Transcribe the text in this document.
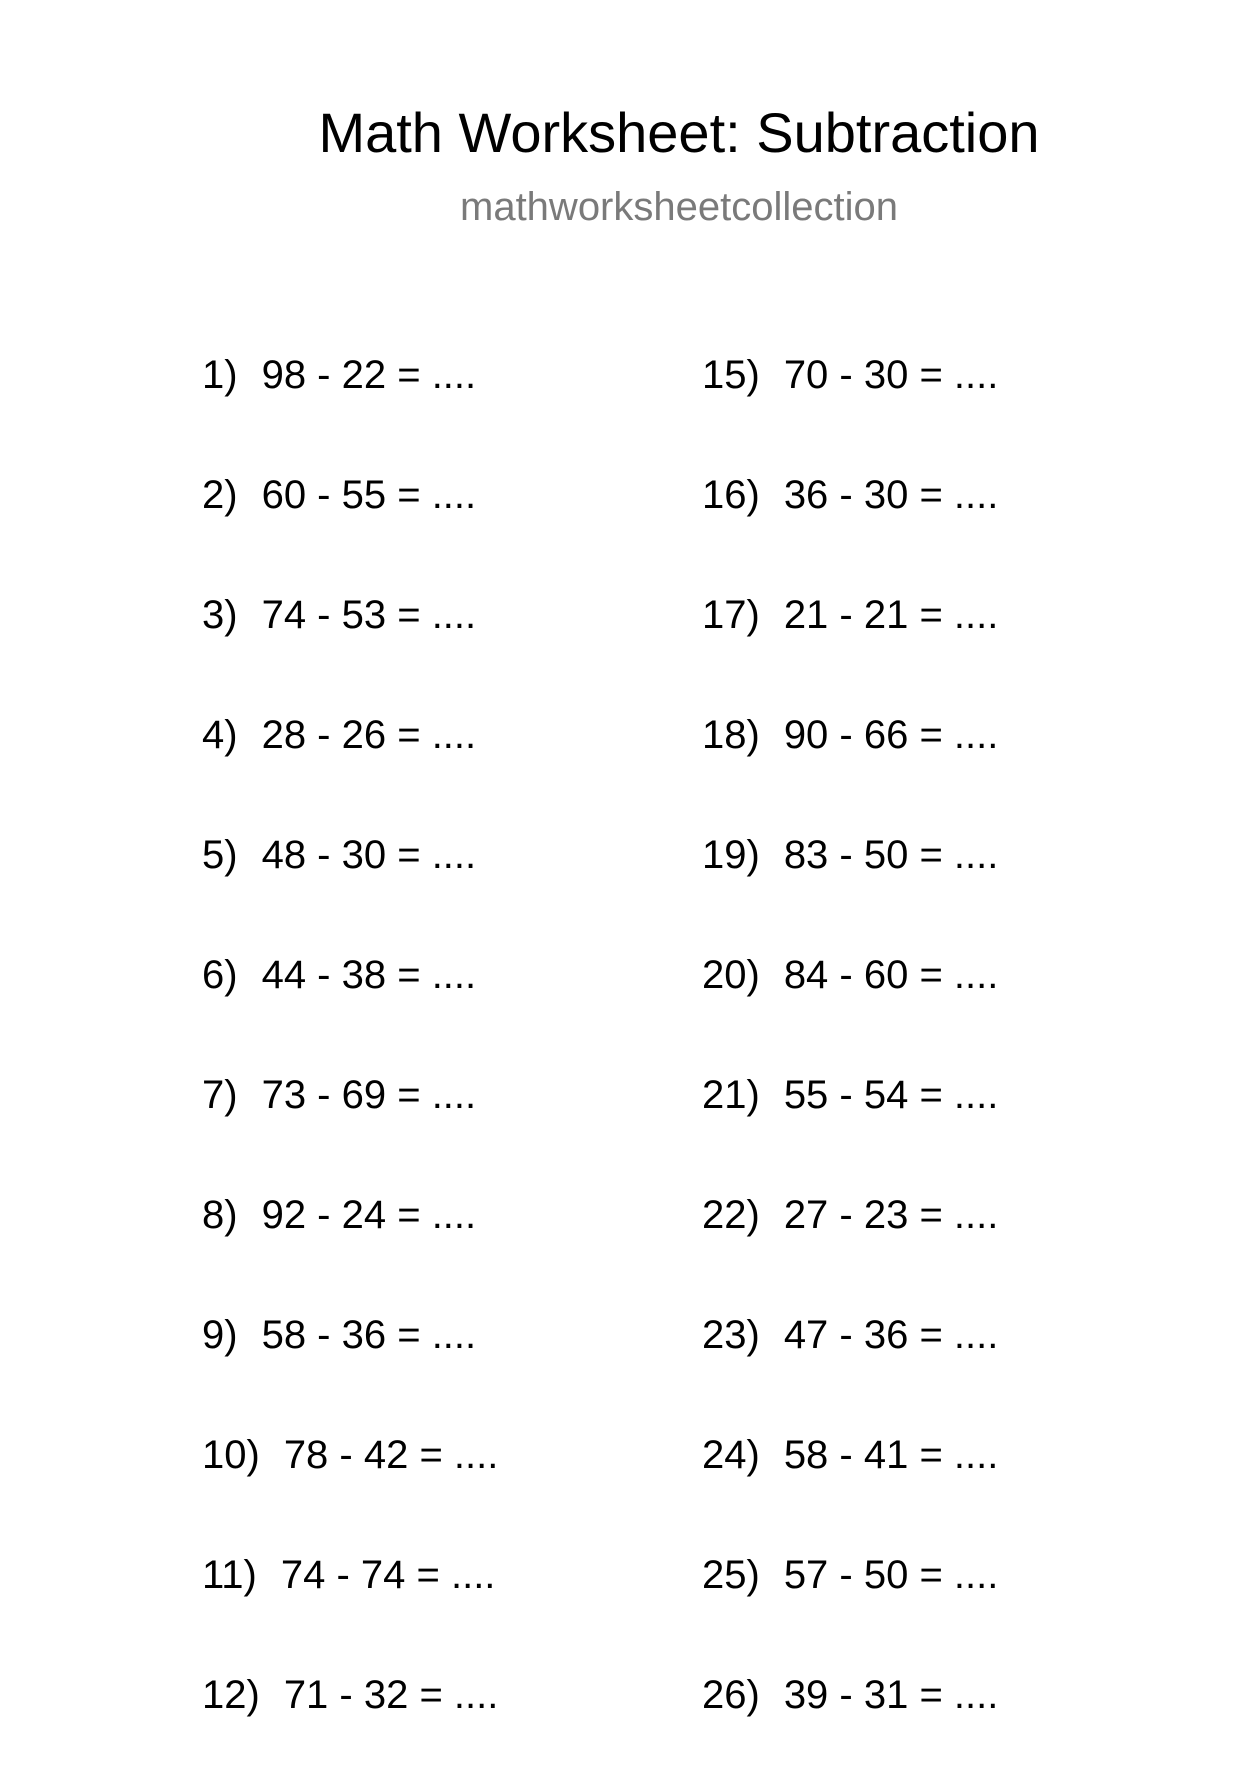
Math Worksheet: Subtraction
mathworksheetcollection
1) 98 - 22 = ....
2) 60 - 55 = ....
3) 74 - 53 = ....
4) 28 - 26 = ....
5) 48 - 30 = ....
6) 44 - 38 = ....
7) 73 - 69 = ....
8) 92 - 24 = ....
9) 58 - 36 = ....
10) 78 - 42 = ....
11) 74 - 74 = ....
12) 71 - 32 = ....
15) 70 - 30 = ....
16) 36 - 30 = ....
17) 21 - 21 = ....
18) 90 - 66 = ....
19) 83 - 50 = ....
20) 84 - 60 = ....
21) 55 - 54 = ....
22) 27 - 23 = ....
23) 47 - 36 = ....
24) 58 - 41 = ....
25) 57 - 50 = ....
26) 39 - 31 = ....
